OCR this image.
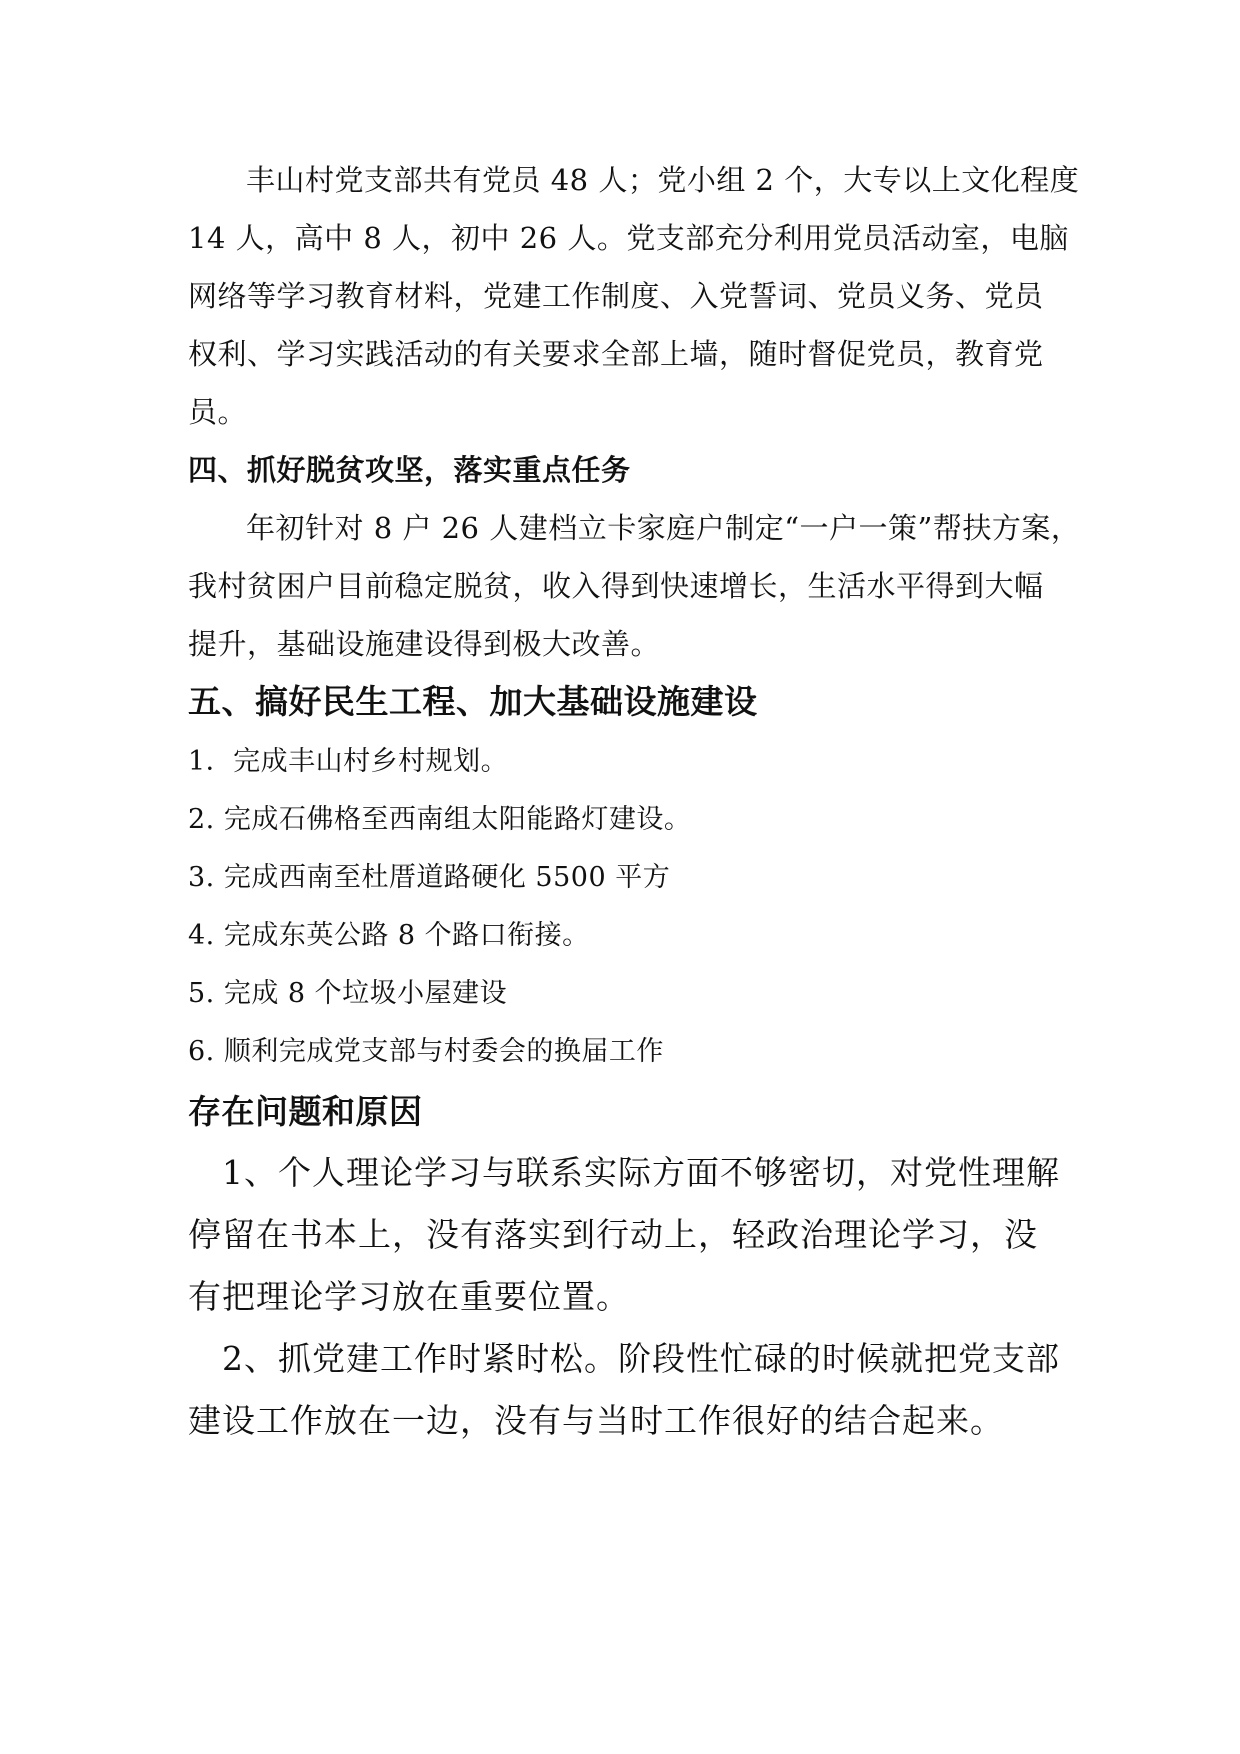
丰山村党支部共有党员 48 人；党小组 2 个，大专以上文化程度
14 人，高中 8 人，初中 26 人。党支部充分利用党员活动室，电脑
网络等学习教育材料，党建工作制度、入党誓词、党员义务、党员
权利、学习实践活动的有关要求全部上墙，随时督促党员，教育党
员。
四、抓好脱贫攻坚，落实重点任务
年初针对 8 户 26 人建档立卡家庭户制定“一户一策”帮扶方案，
我村贫困户目前稳定脱贫，收入得到快速增长，生活水平得到大幅
提升，基础设施建设得到极大改善。
五、搞好民生工程、加大基础设施建设
1．完成丰山村乡村规划。
2. 完成石佛格至西南组太阳能路灯建设。
3. 完成西南至杜厝道路硬化 5500 平方
4. 完成东英公路 8 个路口衔接。
5. 完成 8 个垃圾小屋建设
6. 顺利完成党支部与村委会的换届工作
存在问题和原因
1、个人理论学习与联系实际方面不够密切，对党性理解
停留在书本上，没有落实到行动上，轻政治理论学习，没
有把理论学习放在重要位置。
2、抓党建工作时紧时松。阶段性忙碌的时候就把党支部
建设工作放在一边，没有与当时工作很好的结合起来。
